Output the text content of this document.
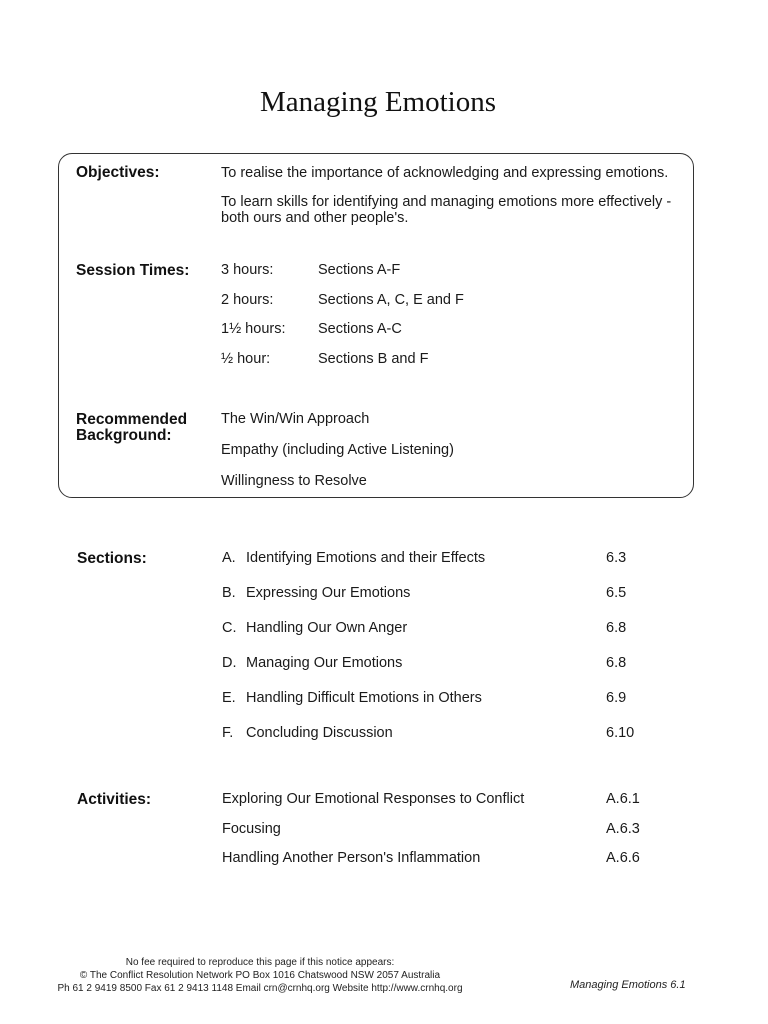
Managing Emotions
Objectives:	To realise the importance of acknowledging and expressing emotions.
To learn skills for identifying and managing emotions more effectively -
both ours and other people's.
Session Times: 3 hours:	Sections A-F
2 hours:	Sections A, C, E and F
1½ hours: Sections A-C
½ hour:	Sections B and F
Recommended
Background:
The Win/Win Approach
Empathy (including Active Listening)
Willingness to Resolve
Sections:	A. Identifying Emotions and their Effects	6.3
B. Expressing Our Emotions	6.5
C. Handling Our Own Anger	6.8
D. Managing Our Emotions	6.8
E. Handling Difficult Emotions in Others	6.9
F. Concluding Discussion	6.10
Activities:	Exploring Our Emotional Responses to Conflict	A.6.1
Focusing	A.6.3
Handling Another Person's Inflammation	A.6.6
No fee required to reproduce this page if this notice appears:
© The Conflict Resolution Network PO Box 1016 Chatswood NSW 2057 Australia
Ph 61 2 9419 8500 Fax 61 2 9413 1148 Email crn@crnhq.org Website http://www.crnhq.org	Managing Emotions 6.1
